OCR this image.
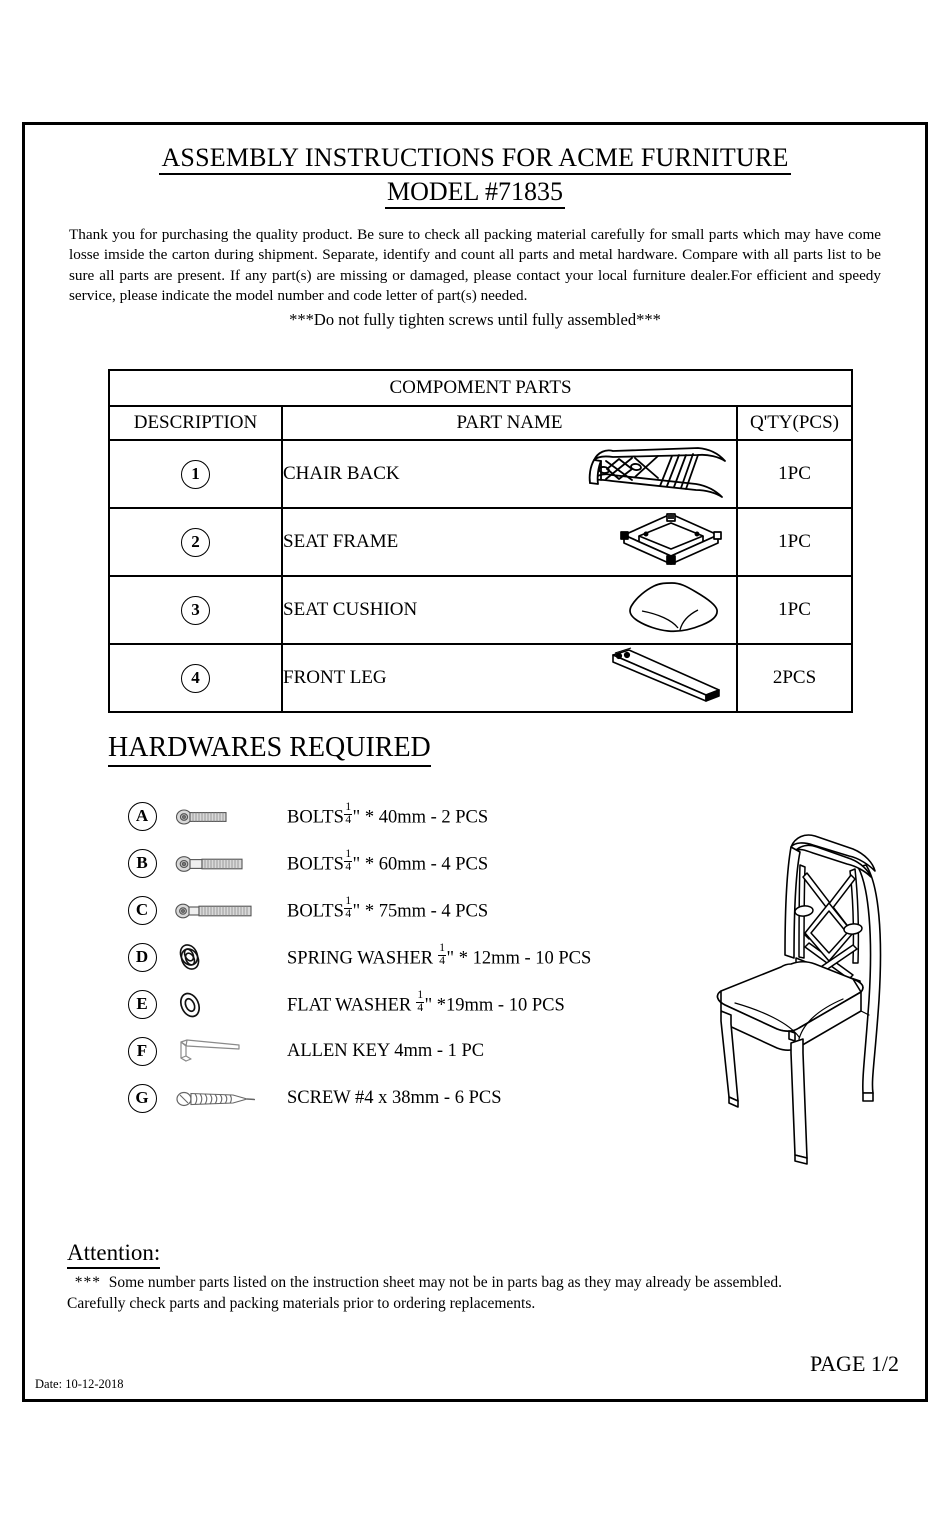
ASSEMBLY INSTRUCTIONS FOR ACME FURNITURE
MODEL #71835
Thank you for purchasing the quality product. Be sure to check all packing material carefully for small parts which may have come losse imside the carton during shipment. Separate, identify and count all parts and metal hardware. Compare with all parts list to be sure all parts are present. If any part(s) are missing or damaged, please contact your local furniture dealer.For efficient and speedy service, please indicate the model number and code letter of part(s) needed.
***Do not fully tighten screws until fully assembled***
COMPOMENT PARTS		
DESCRIPTION	PART NAME	Q'TY(PCS)
1	CHAIR BACK	1PC
2	SEAT FRAME	1PC
3	SEAT CUSHION	1PC
4	FRONT LEG	2PCS
HARDWARES REQUIRED
A	BOLTS $\frac{1}{4}$ " * 40mm - 2 PCS
B	BOLTS $\frac{1}{4}$ " * 60mm - 4 PCS
C	BOLTS $\frac{1}{4}$ " * 75mm - 4 PCS
D	SPRING WASHER $\frac{1}{4}$ " * 12mm - 10 PCS
E	FLAT WASHER $\frac{1}{4}$ " *19mm - 10 PCS
F	ALLEN KEY 4mm - 1 PC
G	SCREW #4 x 38mm - 6 PCS
Attention:
*** Some number parts listed on the instruction sheet may not be in parts bag as they may already be assembled.
Carefully check parts and packing materials prior to ordering replacements.
Date: 10-12-2018
PAGE 1/2
